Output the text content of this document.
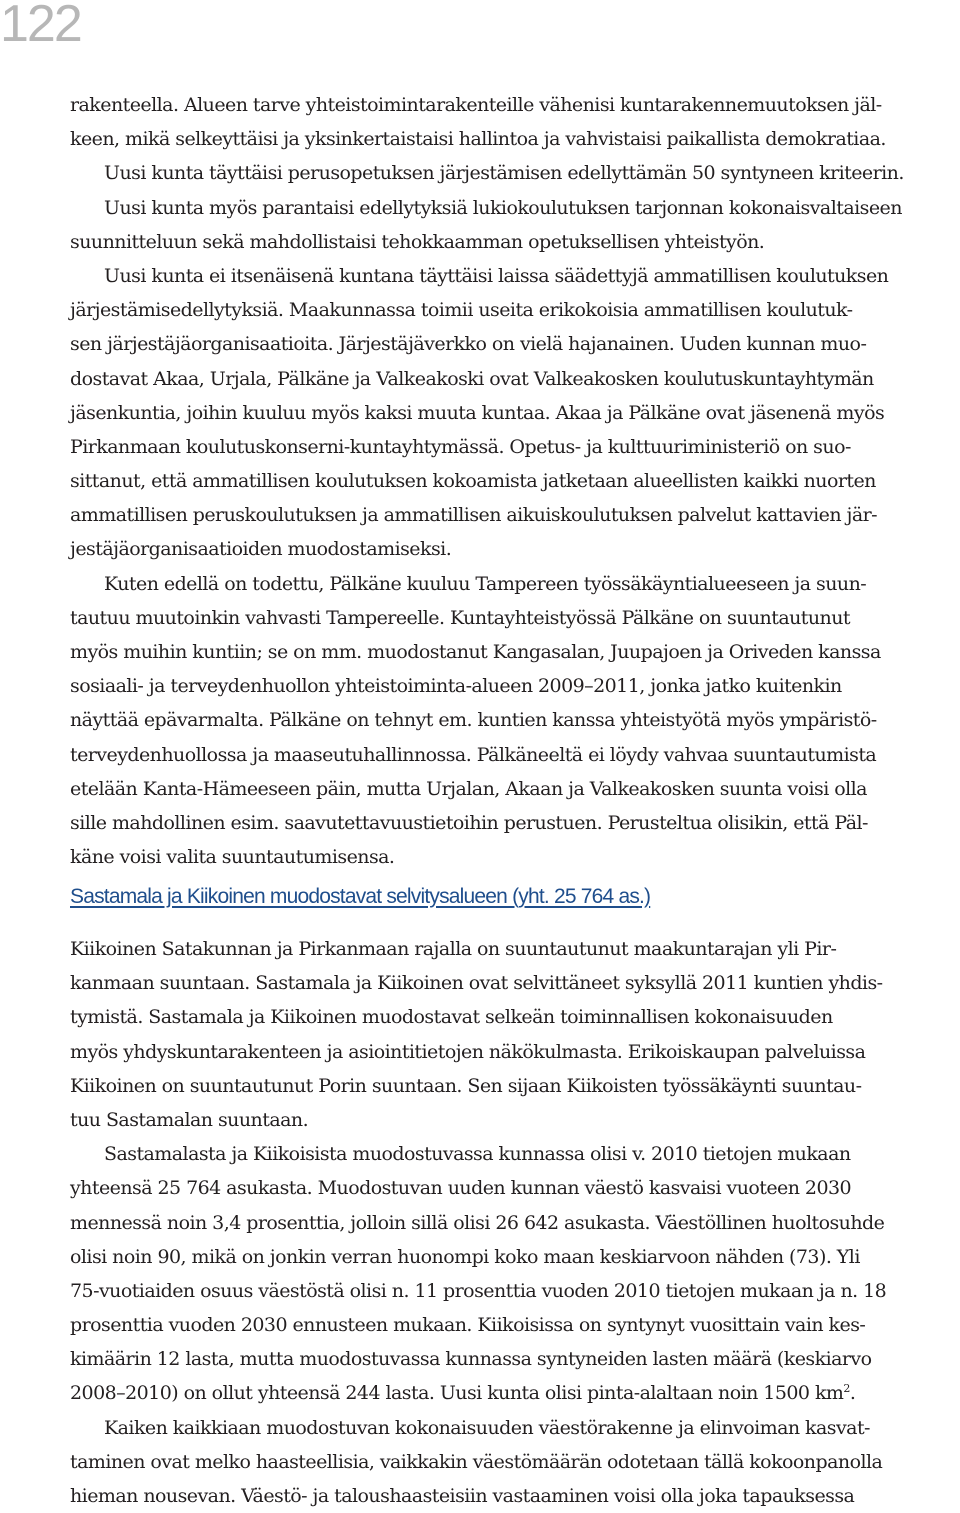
122
rakenteella. Alueen tarve yhteistoimintarakenteille vähenisi kuntarakennemuutoksen jäl-
keen, mikä selkeyttäisi ja yksinkertaistaisi hallintoa ja vahvistaisi paikallista demokratiaa.
Uusi kunta täyttäisi perusopetuksen järjestämisen edellyttämän 50 syntyneen kriteerin.
Uusi kunta myös parantaisi edellytyksiä lukiokoulutuksen tarjonnan kokonaisvaltaiseen
suunnitteluun sekä mahdollistaisi tehokkaamman opetuksellisen yhteistyön.
Uusi kunta ei itsenäisenä kuntana täyttäisi laissa säädettyjä ammatillisen koulutuksen
järjestämisedellytyksiä. Maakunnassa toimii useita erikokoisia ammatillisen koulutuk-
sen järjestäjäorganisaatioita. Järjestäjäverkko on vielä hajanainen. Uuden kunnan muo-
dostavat Akaa, Urjala, Pälkäne ja Valkeakoski ovat Valkeakosken koulutuskuntayhtymän
jäsenkuntia, joihin kuuluu myös kaksi muuta kuntaa. Akaa ja Pälkäne ovat jäsenenä myös
Pirkanmaan koulutuskonserni-kuntayhtymässä. Opetus- ja kulttuuriministeriö on suo-
sittanut, että ammatillisen koulutuksen kokoamista jatketaan alueellisten kaikki nuorten
ammatillisen peruskoulutuksen ja ammatillisen aikuiskoulutuksen palvelut kattavien jär-
jestäjäorganisaatioiden muodostamiseksi.
Kuten edellä on todettu, Pälkäne kuuluu Tampereen työssäkäyntialueeseen ja suun-
tautuu muutoinkin vahvasti Tampereelle. Kuntayhteistyössä Pälkäne on suuntautunut
myös muihin kuntiin; se on mm. muodostanut Kangasalan, Juupajoen ja Oriveden kanssa
sosiaali- ja terveydenhuollon yhteistoiminta-alueen 2009–2011, jonka jatko kuitenkin
näyttää epävarmalta. Pälkäne on tehnyt em. kuntien kanssa yhteistyötä myös ympäristö-
terveydenhuollossa ja maaseutuhallinnossa. Pälkäneeltä ei löydy vahvaa suuntautumista
etelään Kanta-Hämeeseen päin, mutta Urjalan, Akaan ja Valkeakosken suunta voisi olla
sille mahdollinen esim. saavutettavuustietoihin perustuen. Perusteltua olisikin, että Päl-
käne voisi valita suuntautumisensa.
Sastamala ja Kiikoinen muodostavat selvitysalueen (yht. 25 764 as.)
Kiikoinen Satakunnan ja Pirkanmaan rajalla on suuntautunut maakuntarajan yli Pir-
kanmaan suuntaan. Sastamala ja Kiikoinen ovat selvittäneet syksyllä 2011 kuntien yhdis-
tymistä. Sastamala ja Kiikoinen muodostavat selkeän toiminnallisen kokonaisuuden
myös yhdyskuntarakenteen ja asiointitietojen näkökulmasta. Erikoiskaupan palveluissa
Kiikoinen on suuntautunut Porin suuntaan. Sen sijaan Kiikoisten työssäkäynti suuntau-
tuu Sastamalan suuntaan.
Sastamalasta ja Kiikoisista muodostuvassa kunnassa olisi v. 2010 tietojen mukaan
yhteensä 25 764 asukasta. Muodostuvan uuden kunnan väestö kasvaisi vuoteen 2030
mennessä noin 3,4 prosenttia, jolloin sillä olisi 26 642 asukasta. Väestöllinen huoltosuhde
olisi noin 90, mikä on jonkin verran huonompi koko maan keskiarvoon nähden (73). Yli
75-vuotiaiden osuus väestöstä olisi n. 11 prosenttia vuoden 2010 tietojen mukaan ja n. 18
prosenttia vuoden 2030 ennusteen mukaan. Kiikoisissa on syntynyt vuosittain vain kes-
kimäärin 12 lasta, mutta muodostuvassa kunnassa syntyneiden lasten määrä (keskiarvo
2008–2010) on ollut yhteensä 244 lasta. Uusi kunta olisi pinta-alaltaan noin 1500 $km^2$.
Kaiken kaikkiaan muodostuvan kokonaisuuden väestörakenne ja elinvoiman kasvat-
taminen ovat melko haasteellisia, vaikkakin väestömäärän odotetaan tällä kokoonpanolla
hieman nousevan. Väestö- ja taloushaasteisiin vastaaminen voisi olla joka tapauksessa
